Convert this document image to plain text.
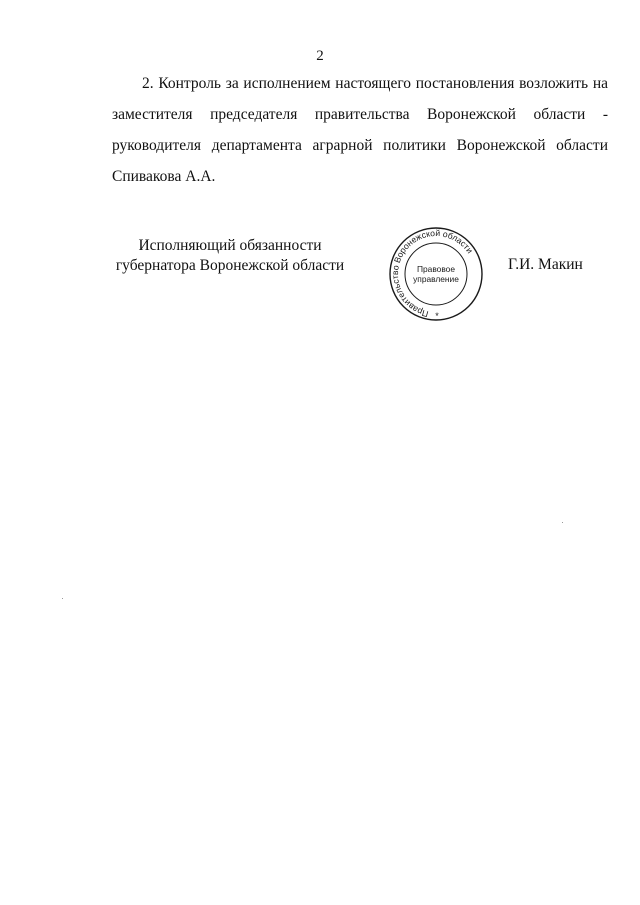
2
2. Контроль за исполнением настоящего постановления возложить на
заместителя председателя правительства Воронежской области -
руководителя департамента аграрной политики Воронежской области
Спивакова А.А.
Исполняющий обязанности
губернатора Воронежской области
Правительство Воронежской области
Правовое
управление
*
Г.И. Макин
